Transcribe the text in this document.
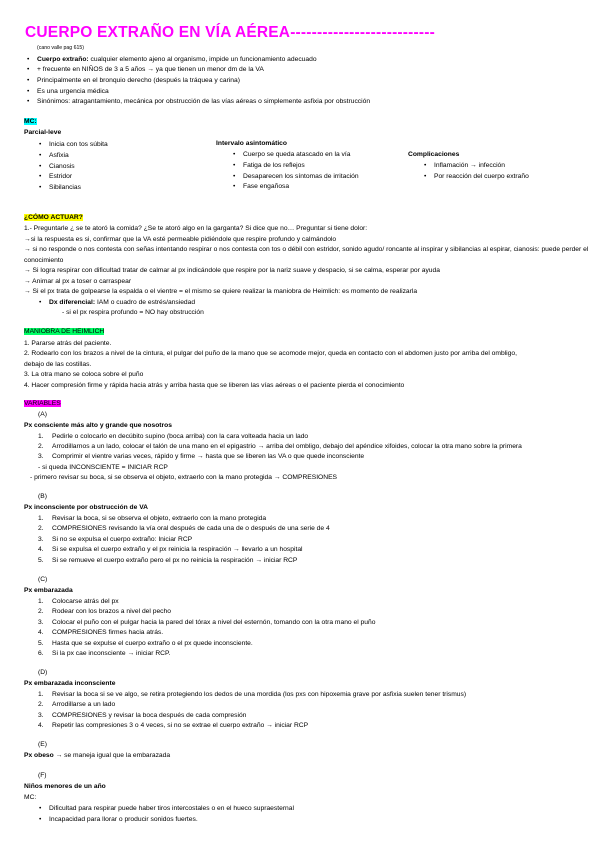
CUERPO EXTRAÑO EN VÍA AÉREA---------------------------
(cano valle pag 615)
• Cuerpo extraño: cualquier elemento ajeno al organismo, impide un funcionamiento adecuado
• + frecuente en NIÑOS de 3 a 5 años → ya que tienen un menor dm de la VA
• Principalmente en el bronquio derecho (después la tráquea y carina)
• Es una urgencia médica
• Sinónimos: atragantamiento, mecánica por obstrucción de las vías aéreas o simplemente asfixia por obstrucción
MC:
Parcial-leve
• Inicia con tos súbita
• Asfixia
• Cianosis
• Estridor
• Sibilancias
Intervalo asintomático
• Cuerpo se queda atascado en la vía
• Fatiga de los reflejos
• Desaparecen los síntomas de irritación
• Fase engañosa
Complicaciones
• Inflamación → infección
• Por reacción del cuerpo extraño
¿CÓMO ACTUAR?
1.- Preguntarle ¿ se te atoró la comida? ¿Se te atoró algo en la garganta? Si dice que no… Preguntar si tiene dolor:
→si la respuesta es si, confirmar que la VA esté permeable pidiéndole que respire profundo y calmándolo
→ si no responde o nos contesta con señas intentando respirar o nos contesta con tos o débil con estridor, sonido agudo/ roncante al inspirar y sibilancias al espirar, cianosis: puede perder el
conocimiento
→ Si logra respirar con dificultad tratar de calmar al px indicándole que respire por la nariz suave y despacio, si se calma, esperar por ayuda
→ Animar al px a toser o carraspear
→ Si el px trata de golpearse la espalda o el vientre = el mismo se quiere realizar la maniobra de Heimlich: es momento de realizarla
• Dx diferencial: IAM o cuadro de estrés/ansiedad
- si el px respira profundo = NO hay obstrucción
MANIOBRA DE HEIMLICH
1. Pararse atrás del paciente.
2. Rodearlo con los brazos a nivel de la cintura, el pulgar del puño de la mano que se acomode mejor, queda en contacto con el abdomen justo por arriba del ombligo,
debajo de las costillas.
3. La otra mano se coloca sobre el puño
4. Hacer compresión firme y rápida hacia atrás y arriba hasta que se liberen las vías aéreas o el paciente pierda el conocimiento
VARIABLES
(A)
Px consciente más alto y grande que nosotros
1. Pedirle o colocarlo en decúbito supino (boca arriba) con la cara volteada hacia un lado
2. Arrodillarnos a un lado, colocar el talón de una mano en el epigastrio → arriba del ombligo, debajo del apéndice xifoides, colocar la otra mano sobre la primera
3. Comprimir el vientre varias veces, rápido y firme → hasta que se liberen las VA o que quede inconsciente
- si queda INCONSCIENTE = INICIAR RCP
- primero revisar su boca, si se observa el objeto, extraerlo con la mano protegida → COMPRESIONES
(B)
Px inconsciente por obstrucción de VA
1. Revisar la boca, si se observa el objeto, extraerlo con la mano protegida
2. COMPRESIONES revisando la vía oral después de cada una de o después de una serie de 4
3. Si no se expulsa el cuerpo extraño: Iniciar RCP
4. Si se expulsa el cuerpo extraño y el px reinicia la respiración → llevarlo a un hospital
5. Si se remueve el cuerpo extraño pero el px no reinicia la respiración → iniciar RCP
(C)
Px embarazada
1. Colocarse atrás del px
2. Rodear con los brazos a nivel del pecho
3. Colocar el puño con el pulgar hacia la pared del tórax a nivel del esternón, tomando con la otra mano el puño
4. COMPRESIONES firmes hacia atrás.
5. Hasta que se expulse el cuerpo extraño o el px quede inconsciente.
6. Si la px cae inconsciente → iniciar RCP.
(D)
Px embarazada inconsciente
1. Revisar la boca si se ve algo, se retira protegiendo los dedos de una mordida (los pxs con hipoxemia grave por asfixia suelen tener trismus)
2. Arrodillarse a un lado
3. COMPRESIONES y revisar la boca después de cada compresión
4. Repetir las compresiones 3 o 4 veces, si no se extrae el cuerpo extraño → iniciar RCP
(E)
Px obeso → se maneja igual que la embarazada
(F)
Niños menores de un año
MC:
• Dificultad para respirar puede haber tiros intercostales o en el hueco supraesternal
• Incapacidad para llorar o producir sonidos fuertes.
